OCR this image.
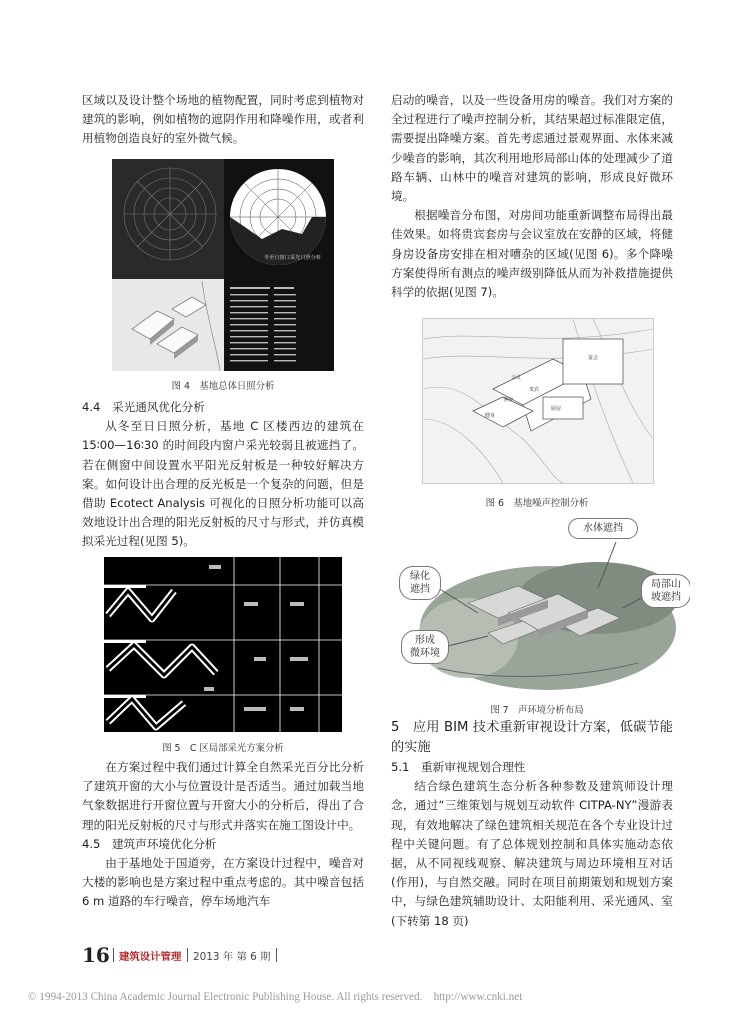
区域以及设计整个场地的植物配置，同时考虑到植物对建筑的影响，例如植物的遮阴作用和降噪作用，或者利用植物创造良好的室外微气候。

冬至日窗口采光日照分析
图 4　基地总体日照分析

4.4　采光通风优化分析

从冬至日日照分析，基地 C 区楼西边的建筑在 15∶00—16∶30 的时间段内窗户采光较弱且被遮挡了。若在侧窗中间设置水平阳光反射板是一种较好解决方案。如何设计出合理的反光板是一个复杂的问题，但是借助 Ecotect Analysis 可视化的日照分析功能可以高效地设计出合理的阳光反射板的尺寸与形式，并仿真模拟采光过程(见图 5)。

图 5　C 区局部采光方案分析

在方案过程中我们通过计算全自然采光百分比分析了建筑开窗的大小与位置设计是否适当。通过加载当地气象数据进行开窗位置与开窗大小的分析后，得出了合理的阳光反射板的尺寸与形式并落实在施工图设计中。

4.5　建筑声环境优化分析

由于基地处于国道旁，在方案设计过程中，噪音对大楼的影响也是方案过程中重点考虑的。其中噪音包括 6 m 道路的车行噪音，停车场地汽车

启动的噪音，以及一些设备用房的噪音。我们对方案的全过程进行了噪声控制分析，其结果超过标准限定值，需要提出降噪方案。首先考虑通过景观界面、水体来减少噪音的影响，其次利用地形局部山体的处理减少了道路车辆、山林中的噪音对建筑的影响，形成良好微环境。

根据噪音分布图，对房间功能重新调整布局得出最佳效果。如将贵宾套房与会议室放在安静的区域，将健身房设备房安排在相对嘈杂的区域(见图 6)。多个降噪方案使得所有测点的噪声级别降低从而为补救措施提供科学的依据(见图 7)。

会议
贵宾
客房
宴会
厨房
健身
图 6　基地噪声控制分析
水体遮挡
绿化
遮挡	局部山
坡遮挡
形成
微环境
图 7　声环境分析布局

5　应用 BIM 技术重新审视设计方案，低碳节能的实施

5.1　重新审视规划合理性

结合绿色建筑生态分析各种参数及建筑师设计理念，通过“三维策划与规划互动软件 CITPA-NY”漫游表现，有效地解决了绿色建筑相关规范在各个专业设计过程中关键问题。有了总体规划控制和具体实施动态依据，从不同视线观察、解决建筑与周边环境相互对话(作用)，与自然交融。同时在项目前期策划和规划方案中，与绿色建筑辅助设计、太阳能利用、采光通风、室(下转第 18 页)

16 建筑设计管理 2013 年 第 6 期
© 1994-2013 China Academic Journal Electronic Publishing House. All rights reserved.　http://www.cnki.net
